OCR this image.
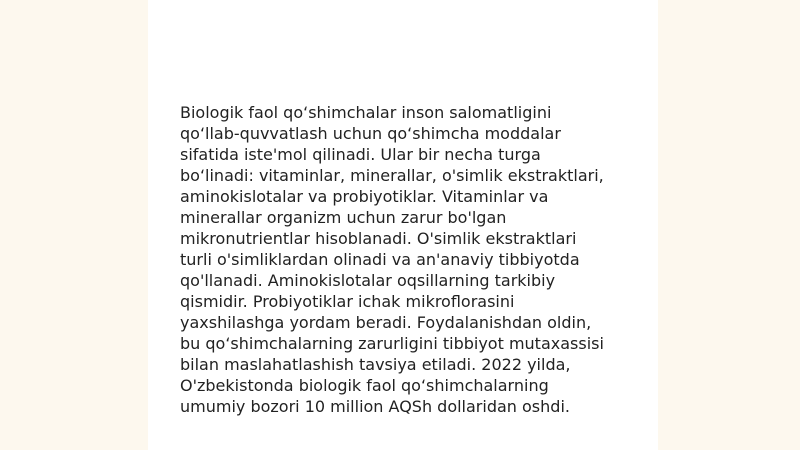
Biologik faol qo‘shimchalar inson salomatligini
qo‘llab-quvvatlash uchun qo‘shimcha moddalar
sifatida iste'mol qilinadi. Ular bir necha turga
bo‘linadi: vitaminlar, minerallar, o'simlik ekstraktlari,
aminokislotalar va probiyotiklar. Vitaminlar va
minerallar organizm uchun zarur bo'lgan
mikronutrientlar hisoblanadi. O'simlik ekstraktlari
turli o'simliklardan olinadi va an'anaviy tibbiyotda
qo'llanadi. Aminokislotalar oqsillarning tarkibiy
qismidir. Probiyotiklar ichak mikroflorasini
yaxshilashga yordam beradi. Foydalanishdan oldin,
bu qo‘shimchalarning zarurligini tibbiyot mutaxassisi
bilan maslahatlashish tavsiya etiladi. 2022 yilda,
O'zbekistonda biologik faol qo‘shimchalarning
umumiy bozori 10 million AQSh dollaridan oshdi.
